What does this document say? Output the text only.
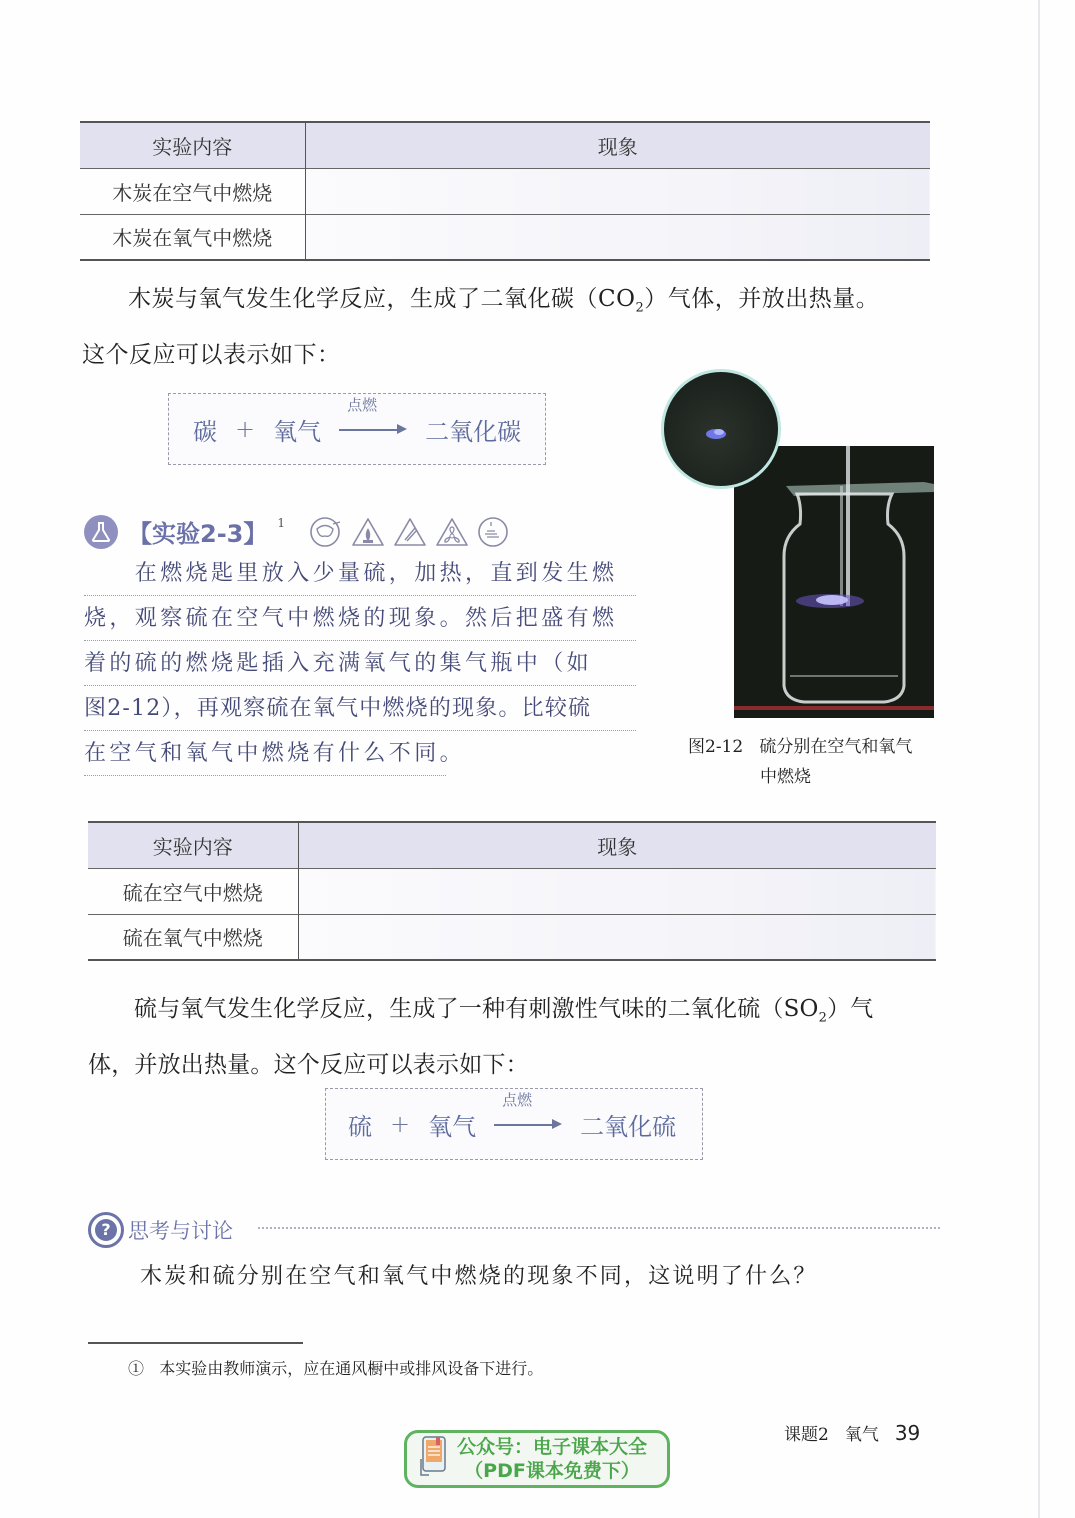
实验内容	现象
木炭在空气中燃烧	
木炭在氧气中燃烧	
木炭与氧气发生化学反应，生成了二氧化碳$(CO_2)$气体，并放出热量。
这个反应可以表示如下：
碳 + 氧气
点燃
二氧化碳
图2-12 硫分别在空气和氧气
中燃烧
【实验2-3】 $^1$
　　在燃烧匙里放入少量硫，加热，直到发生燃
烧，观察硫在空气中燃烧的现象。然后把盛有燃
着的硫的燃烧匙插入充满氧气的集气瓶中（如
图2-12），再观察硫在氧气中燃烧的现象。比较硫
在空气和氧气中燃烧有什么不同。
实验内容	现象
硫在空气中燃烧	
硫在氧气中燃烧	
硫与氧气发生化学反应，生成了一种有刺激性气味的二氧化硫$(SO_2)$气
体，并放出热量。这个反应可以表示如下：
硫 + 氧气
点燃
二氧化硫
? 思考与讨论
木炭和硫分别在空气和氧气中燃烧的现象不同，这说明了什么？
① 本实验由教师演示，应在通风橱中或排风设备下进行。
课题2 氧气 39
公众号：电子课本大全
（PDF课本免费下）
